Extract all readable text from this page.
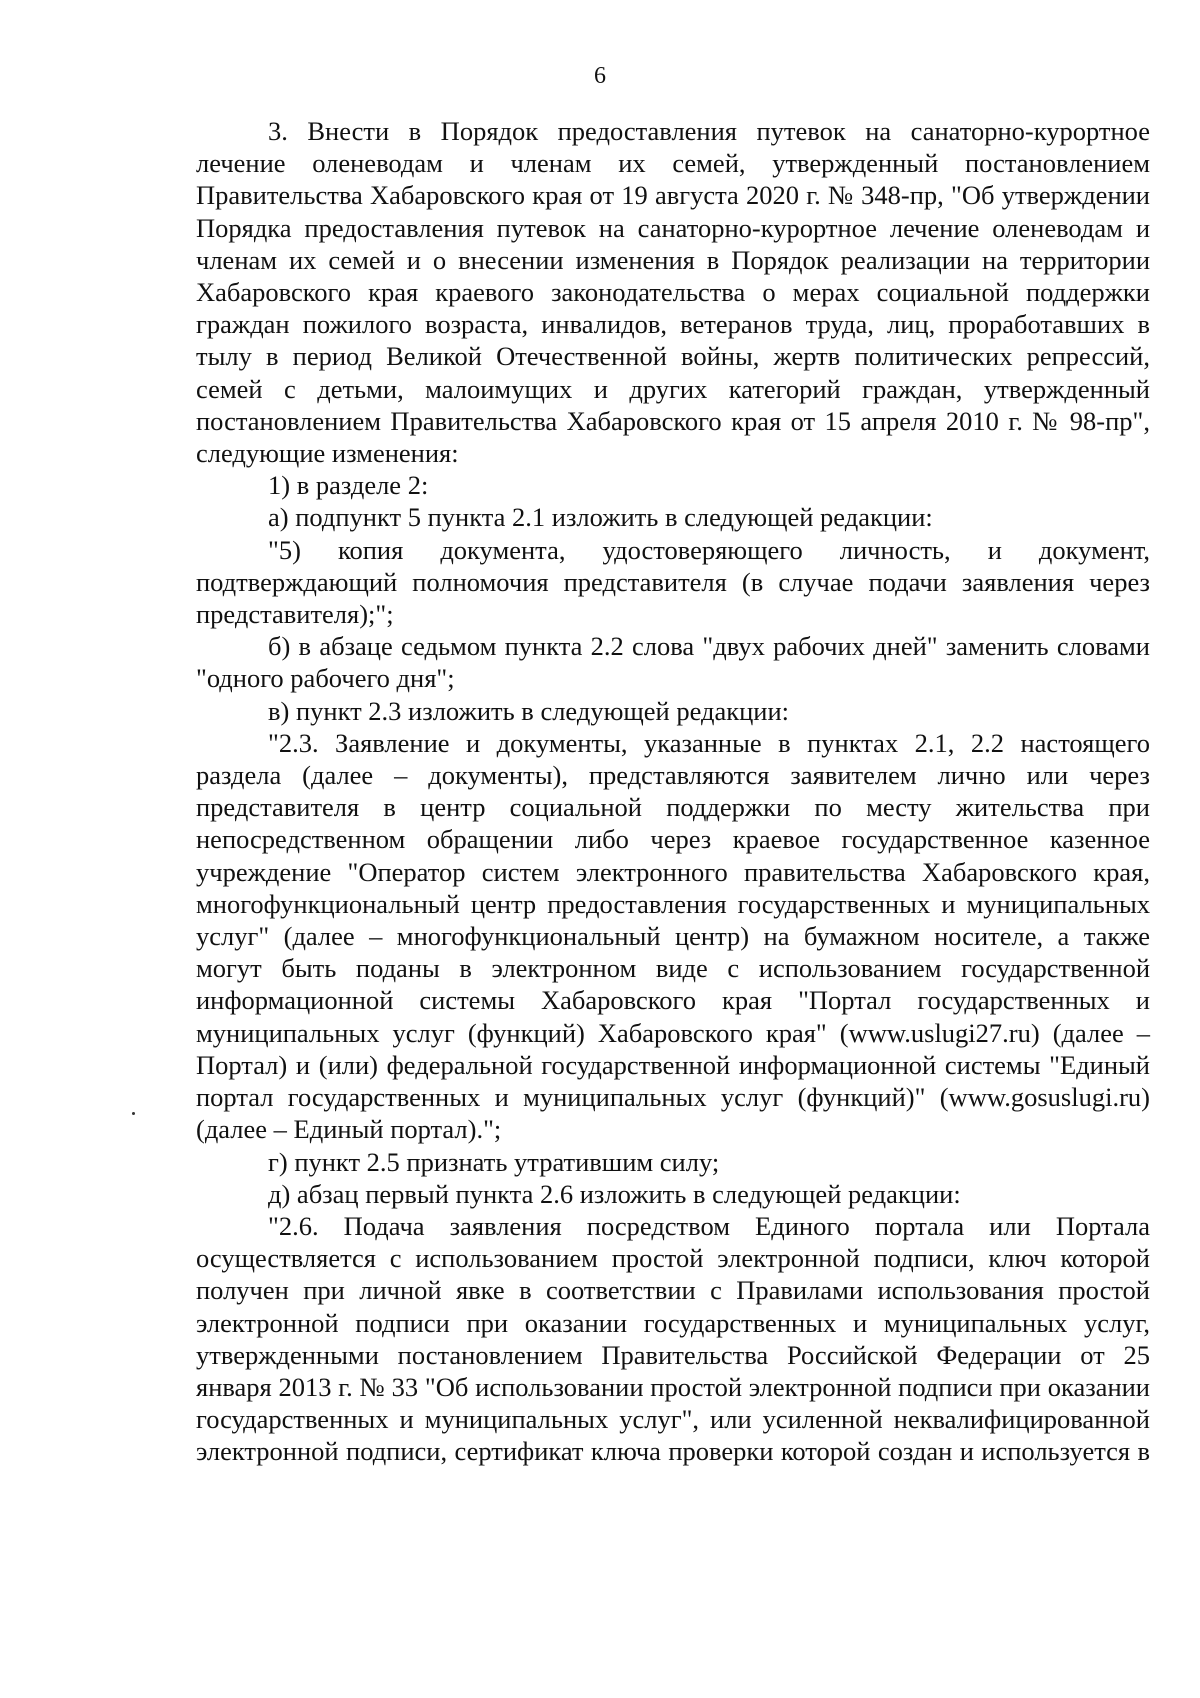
6

3. Внести в Порядок предоставления путевок на санаторно-курортное лечение оленеводам и членам их семей, утвержденный постановлением Правительства Хабаровского края от 19 августа 2020 г. № 348-пр, "Об утверждении Порядка предоставления путевок на санаторно-курортное лечение оленеводам и членам их семей и о внесении изменения в Порядок реализации на территории Хабаровского края краевого законодательства о мерах социальной поддержки граждан пожилого возраста, инвалидов, ветеранов труда, лиц, проработавших в тылу в период Великой Отечественной войны, жертв политических репрессий, семей с детьми, малоимущих и других категорий граждан, утвержденный постановлением Правительства Хабаровского края от 15 апреля 2010 г. № 98-пр", следующие изменения:

1) в разделе 2:

а) подпункт 5 пункта 2.1 изложить в следующей редакции:

"5) копия документа, удостоверяющего личность, и документ, подтверждающий полномочия представителя (в случае подачи заявления через представителя);";

б) в абзаце седьмом пункта 2.2 слова "двух рабочих дней" заменить словами "одного рабочего дня";

в) пункт 2.3 изложить в следующей редакции:

"2.3. Заявление и документы, указанные в пунктах 2.1, 2.2 настоящего раздела (далее – документы), представляются заявителем лично или через представителя в центр социальной поддержки по месту жительства при непосредственном обращении либо через краевое государственное казенное учреждение "Оператор систем электронного правительства Хабаровского края, многофункциональный центр предоставления государственных и муниципальных услуг" (далее – многофункциональный центр) на бумажном носителе, а также могут быть поданы в электронном виде с использованием государственной информационной системы Хабаровского края "Портал государственных и муниципальных услуг (функций) Хабаровского края" (www.uslugi27.ru) (далее – Портал) и (или) федеральной государственной информационной системы "Единый портал государственных и муниципальных услуг (функций)" (www.gosuslugi.ru) (далее – Единый портал).";

г) пункт 2.5 признать утратившим силу;

д) абзац первый пункта 2.6 изложить в следующей редакции:

"2.6. Подача заявления посредством Единого портала или Портала осуществляется с использованием простой электронной подписи, ключ которой получен при личной явке в соответствии с Правилами использования простой электронной подписи при оказании государственных и муниципальных услуг, утвержденными постановлением Правительства Российской Федерации от 25 января 2013 г. № 33 "Об использовании простой электронной подписи при оказании государственных и муниципальных услуг", или усиленной неквалифицированной электронной подписи, сертификат ключа проверки которой создан и используется в
